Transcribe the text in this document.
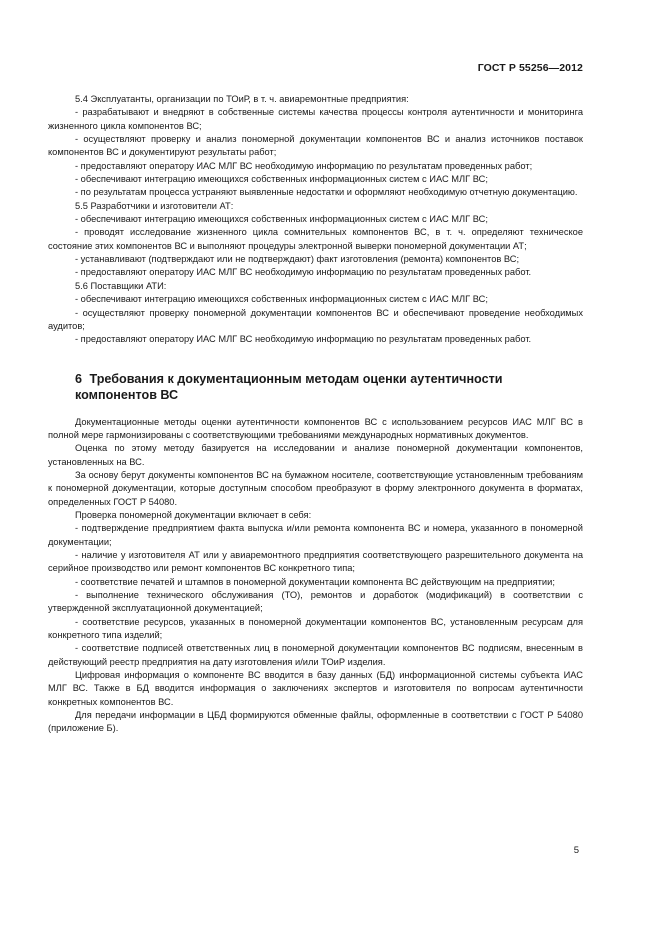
ГОСТ Р 55256—2012

5.4 Эксплуатанты, организации по ТОиР, в т. ч. авиаремонтные предприятия:

- разрабатывают и внедряют в собственные системы качества процессы контроля аутентичности и мониторинга жизненного цикла компонентов ВС;

- осуществляют проверку и анализ пономерной документации компонентов ВС и анализ источников поставок компонентов ВС и документируют результаты работ;

- предоставляют оператору ИАС МЛГ ВС необходимую информацию по результатам проведенных работ;

- обеспечивают интеграцию имеющихся собственных информационных систем с ИАС МЛГ ВС;

- по результатам процесса устраняют выявленные недостатки и оформляют необходимую отчетную документацию.

5.5 Разработчики и изготовители АТ:

- обеспечивают интеграцию имеющихся собственных информационных систем с ИАС МЛГ ВС;

- проводят исследование жизненного цикла сомнительных компонентов ВС, в т. ч. определяют техническое состояние этих компонентов ВС и выполняют процедуры электронной выверки пономерной документации АТ;

- устанавливают (подтверждают или не подтверждают) факт изготовления (ремонта) компонентов ВС;

- предоставляют оператору ИАС МЛГ ВС необходимую информацию по результатам проведенных работ.

5.6 Поставщики АТИ:

- обеспечивают интеграцию имеющихся собственных информационных систем с ИАС МЛГ ВС;

- осуществляют проверку пономерной документации компонентов ВС и обеспечивают проведение необходимых аудитов;

- предоставляют оператору ИАС МЛГ ВС необходимую информацию по результатам проведенных работ.

6 Требования к документационным методам оценки аутентичности компонентов ВС

Документационные методы оценки аутентичности компонентов ВС с использованием ресурсов ИАС МЛГ ВС в полной мере гармонизированы с соответствующими требованиями международных нормативных документов.

Оценка по этому методу базируется на исследовании и анализе пономерной документации компонентов, установленных на ВС.

За основу берут документы компонентов ВС на бумажном носителе, соответствующие установленным требованиям к пономерной документации, которые доступным способом преобразуют в форму электронного документа в форматах, определенных ГОСТ Р 54080.

Проверка пономерной документации включает в себя:

- подтверждение предприятием факта выпуска и/или ремонта компонента ВС и номера, указанного в пономерной документации;

- наличие у изготовителя АТ или у авиаремонтного предприятия соответствующего разрешительного документа на серийное производство или ремонт компонентов ВС конкретного типа;

- соответствие печатей и штампов в пономерной документации компонента ВС действующим на предприятии;

- выполнение технического обслуживания (ТО), ремонтов и доработок (модификаций) в соответствии с утвержденной эксплуатационной документацией;

- соответствие ресурсов, указанных в пономерной документации компонентов ВС, установленным ресурсам для конкретного типа изделий;

- соответствие подписей ответственных лиц в пономерной документации компонентов ВС подписям, внесенным в действующий реестр предприятия на дату изготовления и/или ТОиР изделия.

Цифровая информация о компоненте ВС вводится в базу данных (БД) информационной системы субъекта ИАС МЛГ ВС. Также в БД вводится информация о заключениях экспертов и изготовителя по вопросам аутентичности конкретных компонентов ВС.

Для передачи информации в ЦБД формируются обменные файлы, оформленные в соответствии с ГОСТ Р 54080 (приложение Б).

5
